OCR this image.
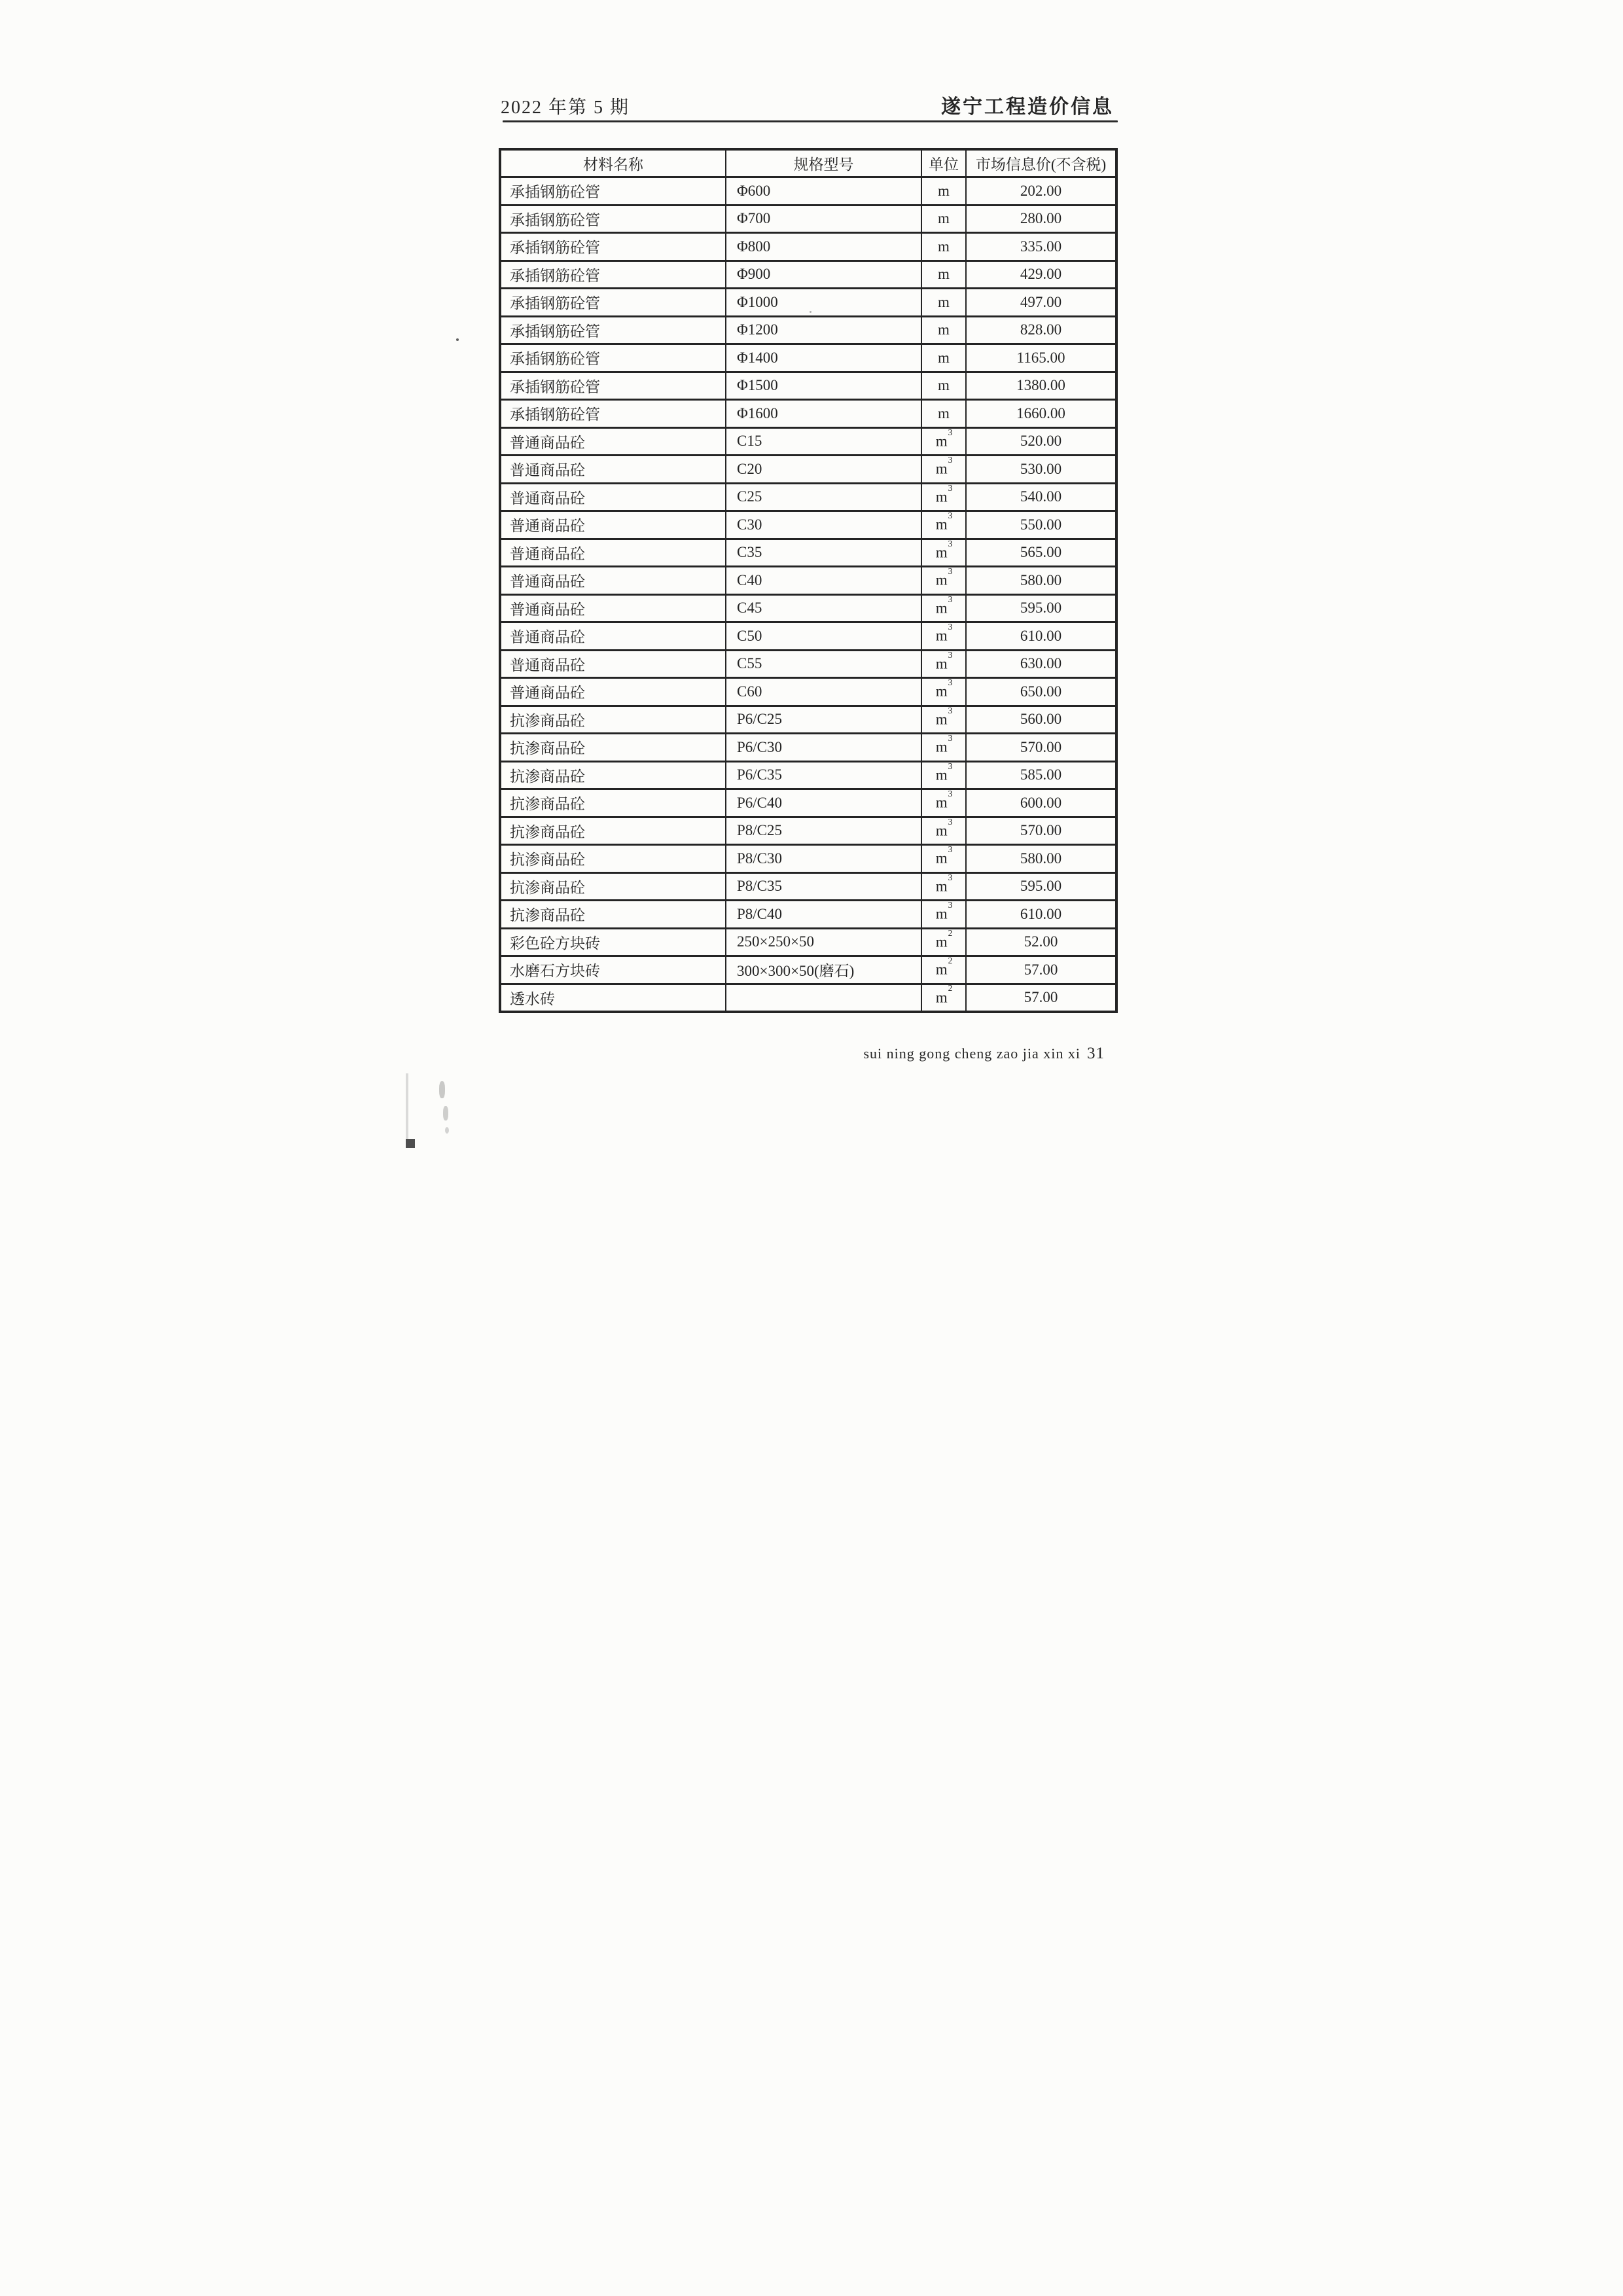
2022 年第 5 期	遂宁工程造价信息
材料名称	规格型号	单位	市场信息价(不含税)
承插钢筋砼管	Φ600	m	202.00
承插钢筋砼管	Φ700	m	280.00
承插钢筋砼管	Φ800	m	335.00
承插钢筋砼管	Φ900	m	429.00
承插钢筋砼管	Φ1000	m	497.00
承插钢筋砼管	Φ1200	m	828.00
承插钢筋砼管	Φ1400	m	1165.00
承插钢筋砼管	Φ1500	m	1380.00
承插钢筋砼管	Φ1600	m	1660.00
普通商品砼	C15	$m^3$	520.00
普通商品砼	C20	$m^3$	530.00
普通商品砼	C25	$m^3$	540.00
普通商品砼	C30	$m^3$	550.00
普通商品砼	C35	$m^3$	565.00
普通商品砼	C40	$m^3$	580.00
普通商品砼	C45	$m^3$	595.00
普通商品砼	C50	$m^3$	610.00
普通商品砼	C55	$m^3$	630.00
普通商品砼	C60	$m^3$	650.00
抗渗商品砼	P6/C25	$m^3$	560.00
抗渗商品砼	P6/C30	$m^3$	570.00
抗渗商品砼	P6/C35	$m^3$	585.00
抗渗商品砼	P6/C40	$m^3$	600.00
抗渗商品砼	P8/C25	$m^3$	570.00
抗渗商品砼	P8/C30	$m^3$	580.00
抗渗商品砼	P8/C35	$m^3$	595.00
抗渗商品砼	P8/C40	$m^3$	610.00
彩色砼方块砖	250×250×50	$m^2$	52.00
水磨石方块砖	300×300×50(磨石)	$m^2$	57.00
透水砖		$m^2$	57.00
sui ning gong cheng zao jia xin xi 31
